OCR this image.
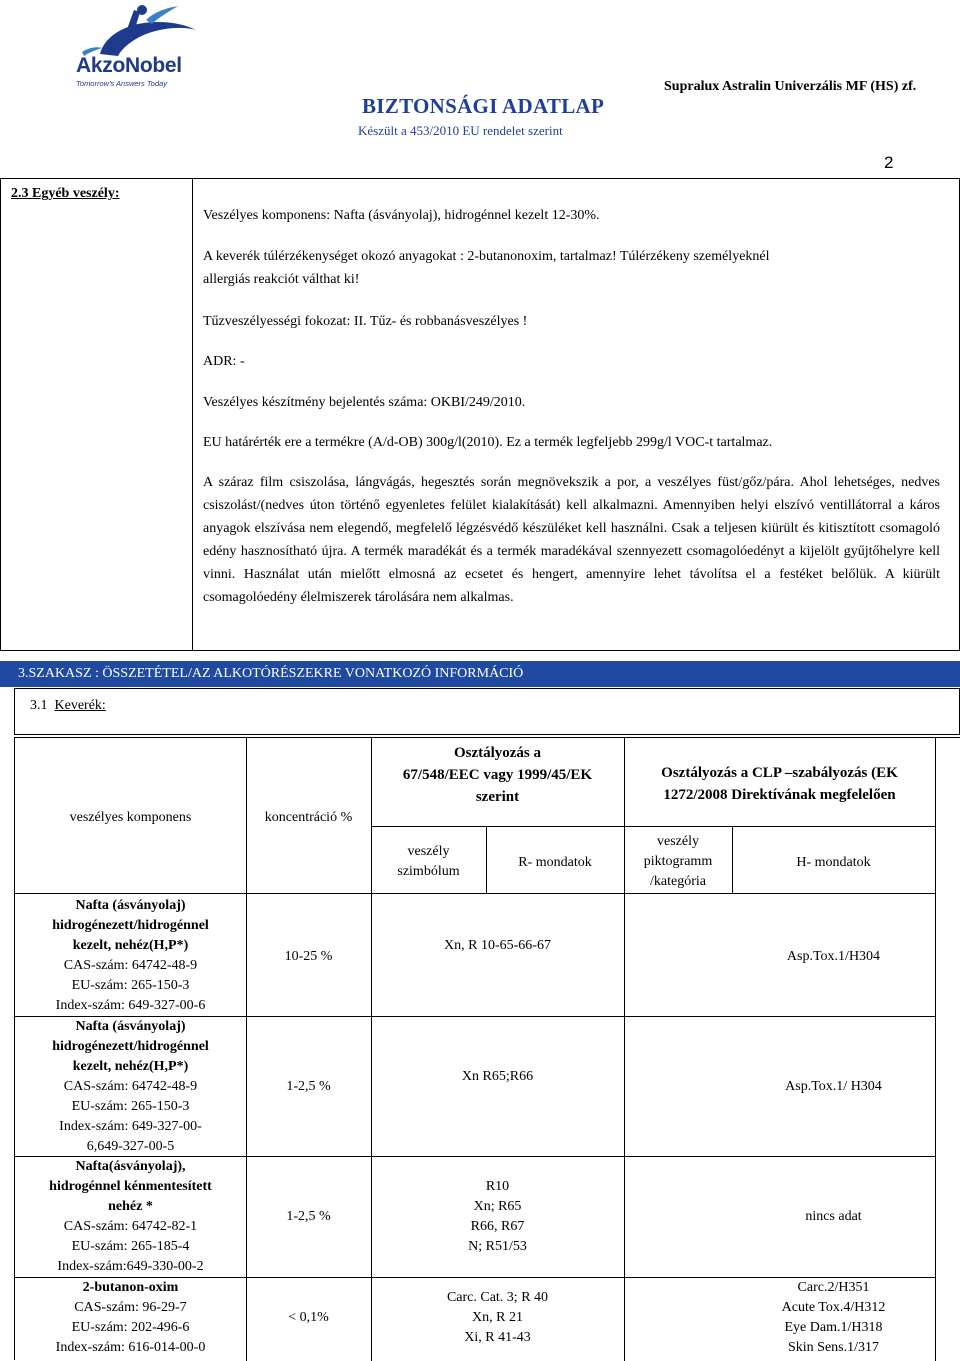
AkzoNobel
Tomorrow's Answers Today
BIZTONSÁGI ADATLAP
Készült a 453/2010 EU rendelet szerint
Supralux Astralin Univerzális MF (HS) zf.
2
2.3 Egyéb veszély:
Veszélyes komponens: Nafta (ásványolaj), hidrogénnel kezelt 12-30%.
A keverék túlérzékenységet okozó anyagokat : 2-butanonoxim, tartalmaz! Túlérzékeny személyeknél
allergiás reakciót válthat ki!
Tűzveszélyességi fokozat: II. Tűz- és robbanásveszélyes !
ADR: -
Veszélyes készítmény bejelentés száma: OKBI/249/2010.
EU határérték ere a termékre (A/d-OB) 300g/l(2010). Ez a termék legfeljebb 299g/l VOC-t tartalmaz.
A száraz film csiszolása, lángvágás, hegesztés során megnövekszik a por, a veszélyes füst/gőz/pára. Ahol lehetséges, nedves csiszolást/(nedves úton történő egyenletes felület kialakítását) kell alkalmazni. Amennyiben helyi elszívó ventillátorral a káros anyagok elszívása nem elegendő, megfelelő légzésvédő készüléket kell használni. Csak a teljesen kiürült és kitisztított csomagoló edény hasznosítható újra. A termék maradékát és a termék maradékával szennyezett csomagolóedényt a kijelölt gyűjtőhelyre kell vinni. Használat után mielőtt elmosná az ecsetet és hengert, amennyire lehet távolítsa el a festéket belőlük. A kiürült csomagolóedény élelmiszerek tárolására nem alkalmas.
3.SZAKASZ : ÖSSZETÉTEL/AZ ALKOTÓRÉSZEKRE VONATKOZÓ INFORMÁCIÓ
3.1 Keverék:
veszélyes komponens	koncentráció %
Osztályozás a
67/548/EEC vagy 1999/45/EK
szerint
Osztályozás a CLP –szabályozás (EK
1272/2008 Direktívának megfelelően
veszély
szimbólum
R- mondatok
veszély
piktogramm
/kategória
H- mondatok
Nafta (ásványolaj)
hidrogénezett/hidrogénnel
kezelt, nehéz(H,P*)
CAS-szám: 64742-48-9
EU-szám: 265-150-3
Index-szám: 649-327-00-6
10-25 %
Xn, R 10-65-66-67
Asp.Tox.1/H304
Nafta (ásványolaj)
hidrogénezett/hidrogénnel
kezelt, nehéz(H,P*)
CAS-szám: 64742-48-9
EU-szám: 265-150-3
Index-szám: 649-327-00-
6,649-327-00-5
1-2,5 %
Xn R65;R66
Asp.Tox.1/ H304
Nafta(ásványolaj),
hidrogénnel kénmentesített
nehéz *
CAS-szám: 64742-82-1
EU-szám: 265-185-4
Index-szám:649-330-00-2
1-2,5 %
R10
Xn; R65
R66, R67
N; R51/53
nincs adat
2-butanon-oxim
CAS-szám: 96-29-7
EU-szám: 202-496-6
Index-szám: 616-014-00-0
< 0,1%
Carc. Cat. 3; R 40
Xn, R 21
Xi, R 41-43
Carc.2/H351
Acute Tox.4/H312
Eye Dam.1/H318
Skin Sens.1/317
